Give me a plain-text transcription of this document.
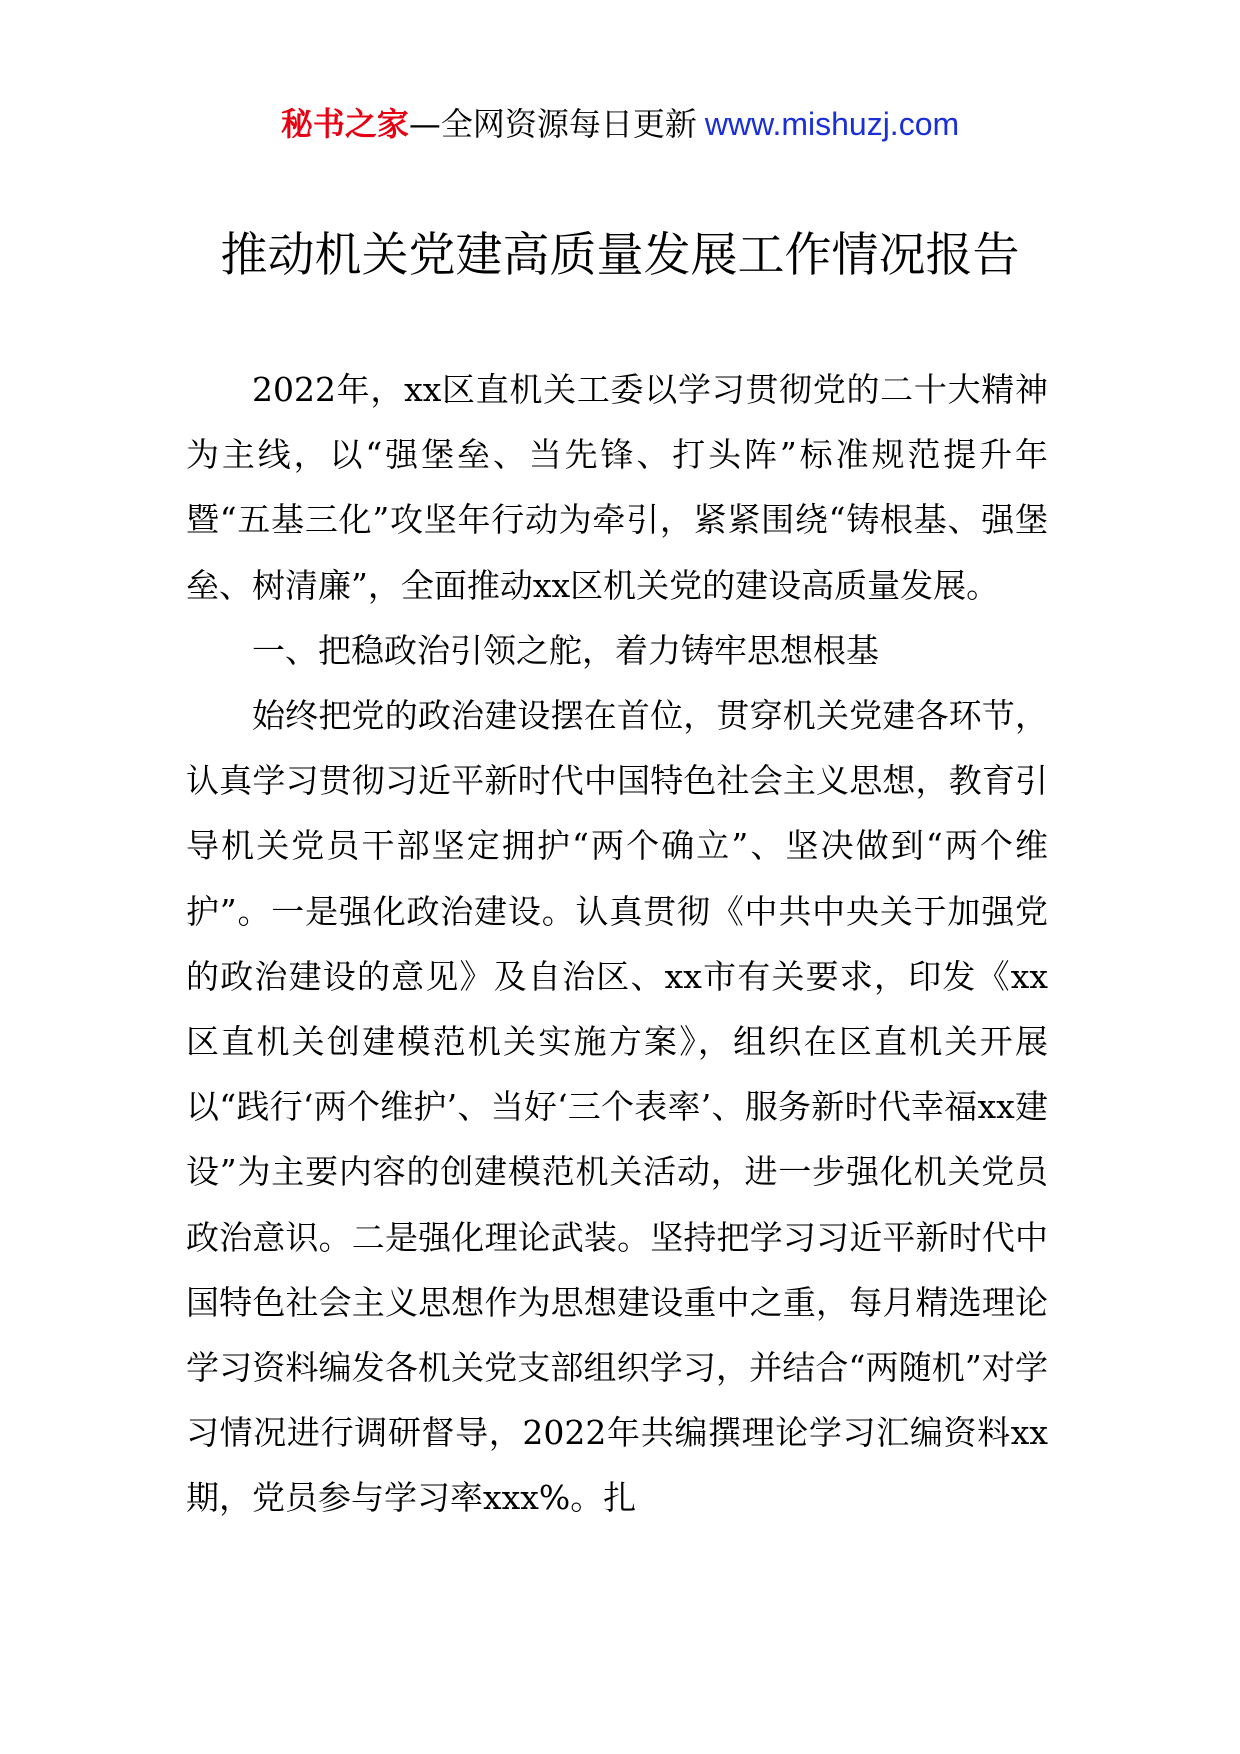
秘书之家—全网资源每日更新 www.mishuzj.com
推动机关党建高质量发展工作情况报告

2022年，xx区直机关工委以学习贯彻党的二十大精神为主线，以“强堡垒、当先锋、打头阵”标准规范提升年暨“五基三化”攻坚年行动为牵引，紧紧围绕“铸根基、强堡垒、树清廉”，全面推动xx区机关党的建设高质量发展。

一、把稳政治引领之舵，着力铸牢思想根基

始终把党的政治建设摆在首位，贯穿机关党建各环节，认真学习贯彻习近平新时代中国特色社会主义思想，教育引导机关党员干部坚定拥护“两个确立”、坚决做到“两个维护”。一是强化政治建设。认真贯彻《中共中央关于加强党的政治建设的意见》及自治区、xx市有关要求，印发《xx区直机关创建模范机关实施方案》，组织在区直机关开展以“践行‘两个维护’、当好‘三个表率’、服务新时代幸福xx建设”为主要内容的创建模范机关活动，进一步强化机关党员政治意识。二是强化理论武装。坚持把学习习近平新时代中国特色社会主义思想作为思想建设重中之重，每月精选理论学习资料编发各机关党支部组织学习，并结合“两随机”对学习情况进行调研督导，2022年共编撰理论学习汇编资料xx期，党员参与学习率xxx%。扎
